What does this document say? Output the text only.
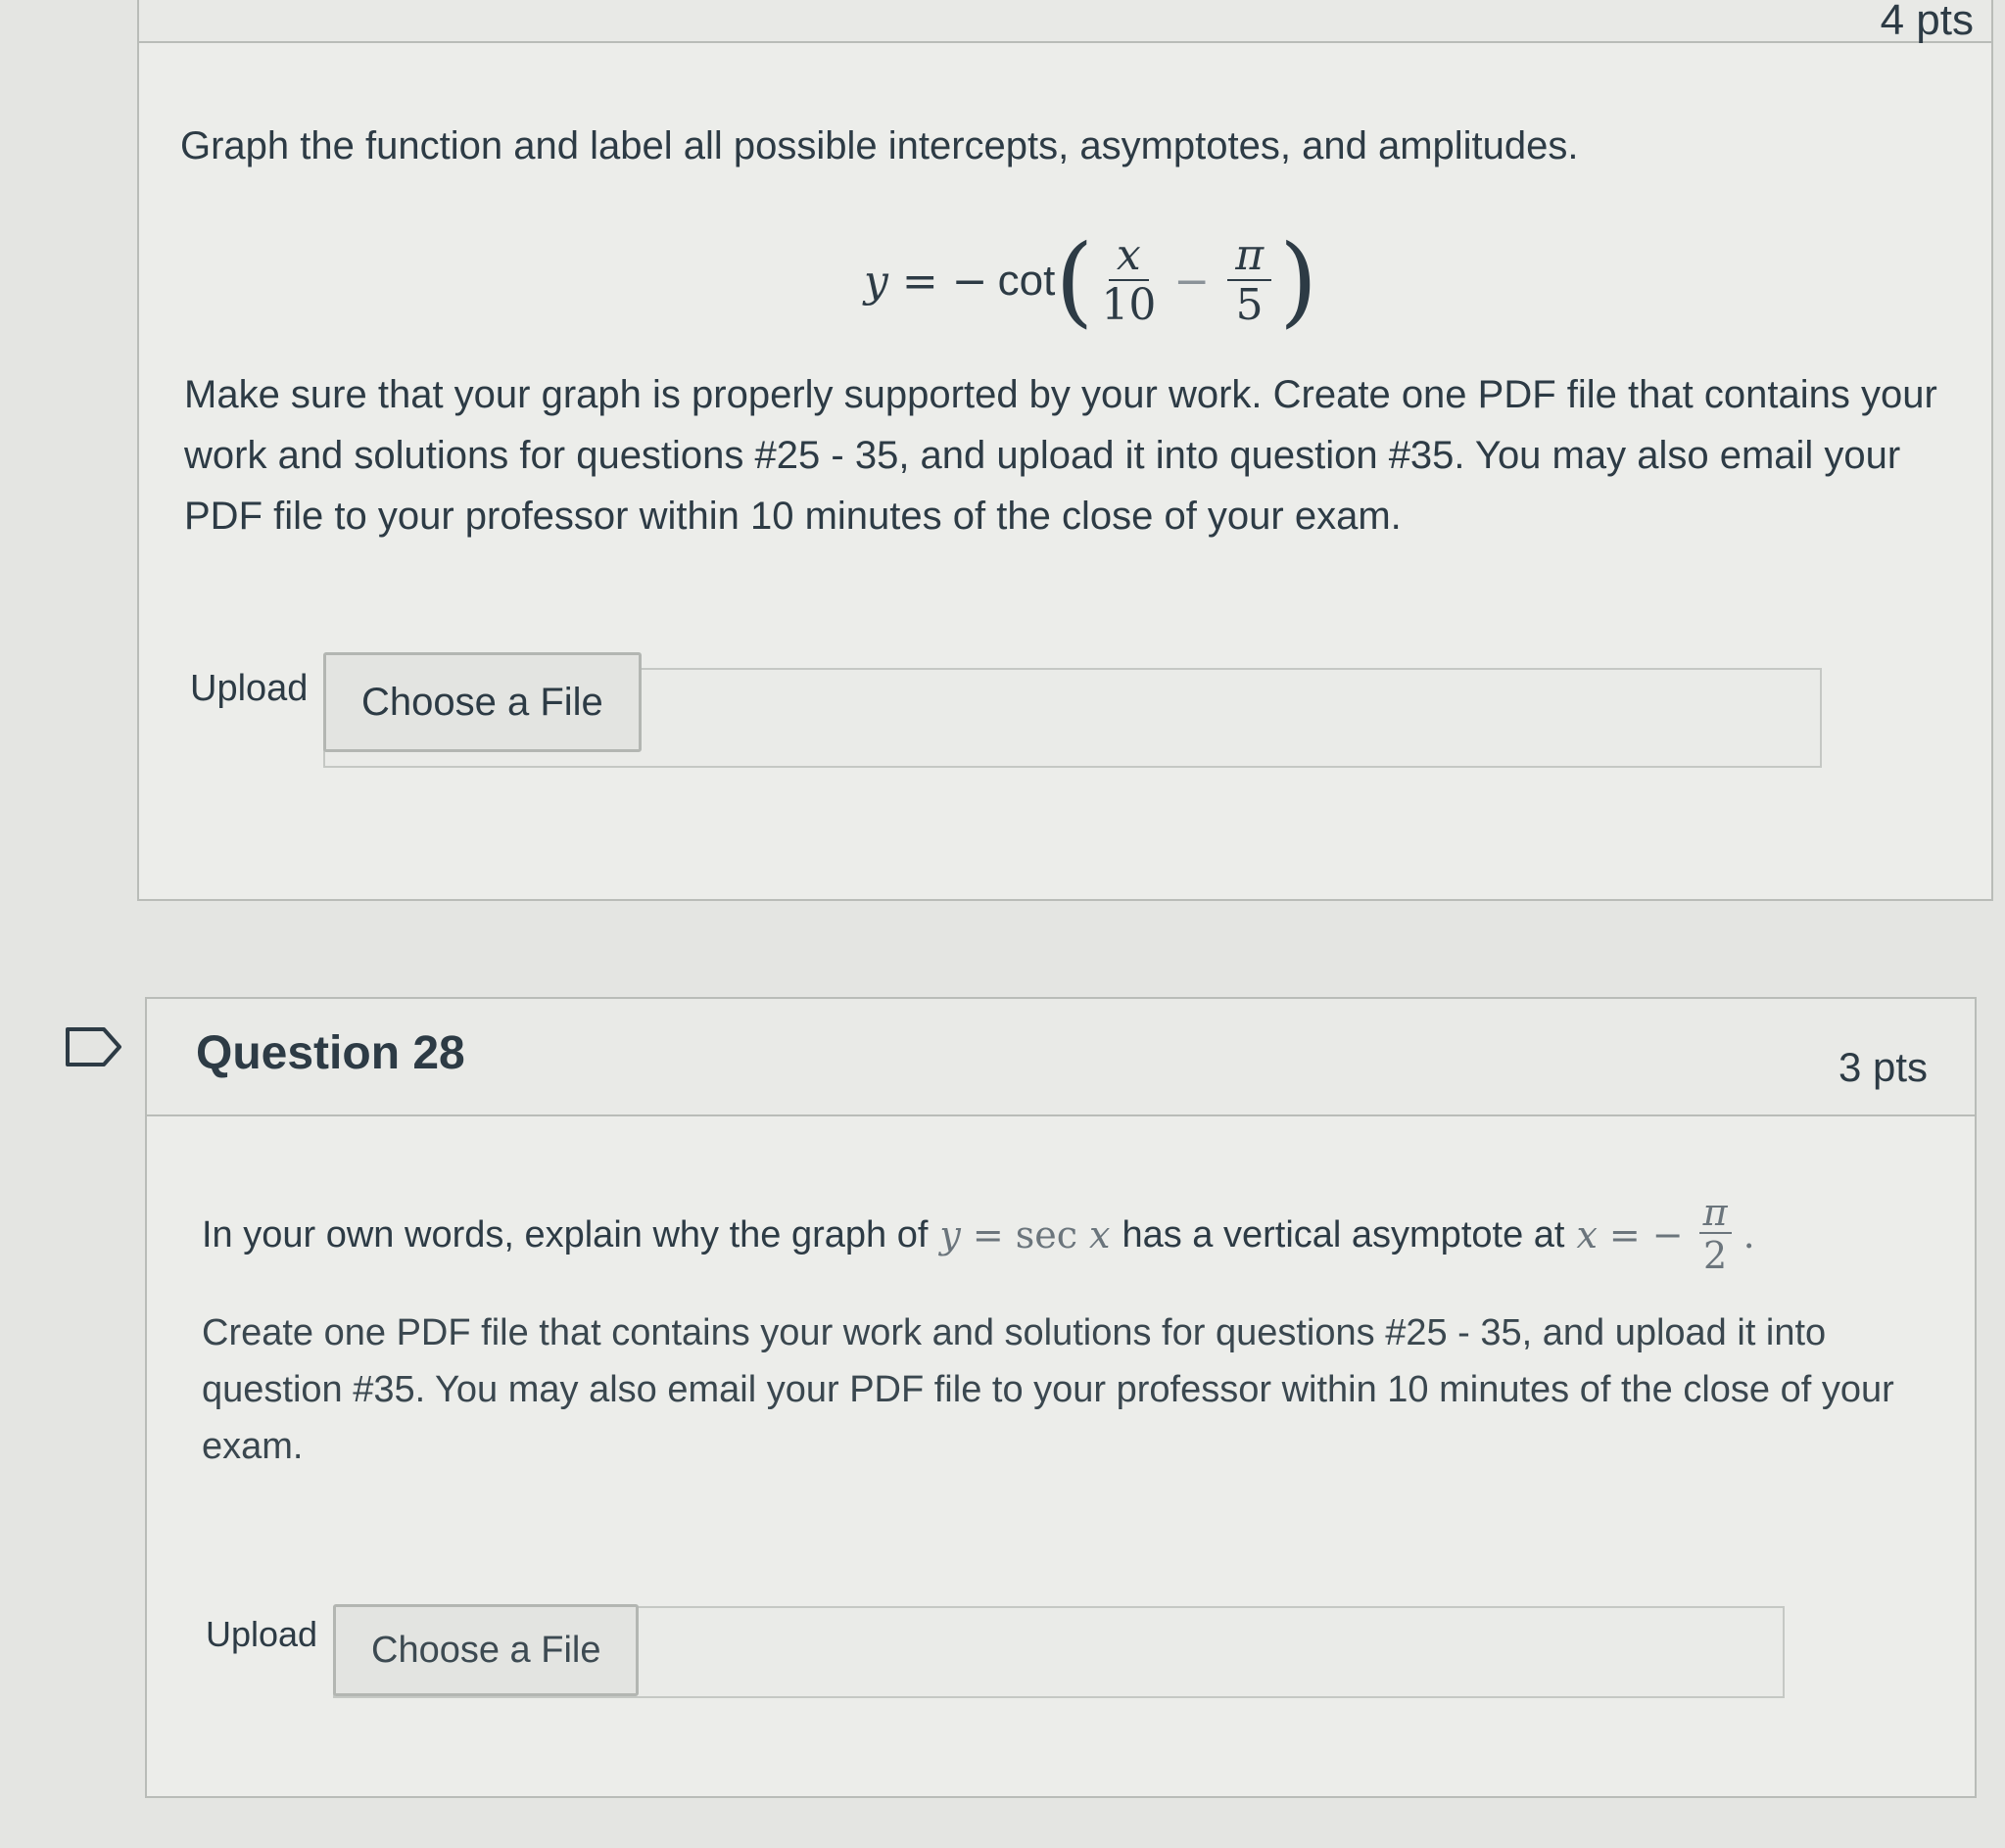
4 pts
Graph the function and label all possible intercepts, asymptotes, and amplitudes.
y = − cot ( $\frac{x}{10} - \frac{\pi}{5}$ )
Make sure that your graph is properly supported by your work. Create one PDF file that contains your work and solutions for questions #25 - 35, and upload it into question #35. You may also email your PDF file to your professor within 10 minutes of the close of your exam.
Upload	Choose a File
Question 28	3 pts
In your own words, explain why the graph of y = sec x has a vertical asymptote at x = − $\frac{\pi}{2}$ .
Create one PDF file that contains your work and solutions for questions #25 - 35, and upload it into question #35. You may also email your PDF file to your professor within 10 minutes of the close of your exam.
Upload	Choose a File
